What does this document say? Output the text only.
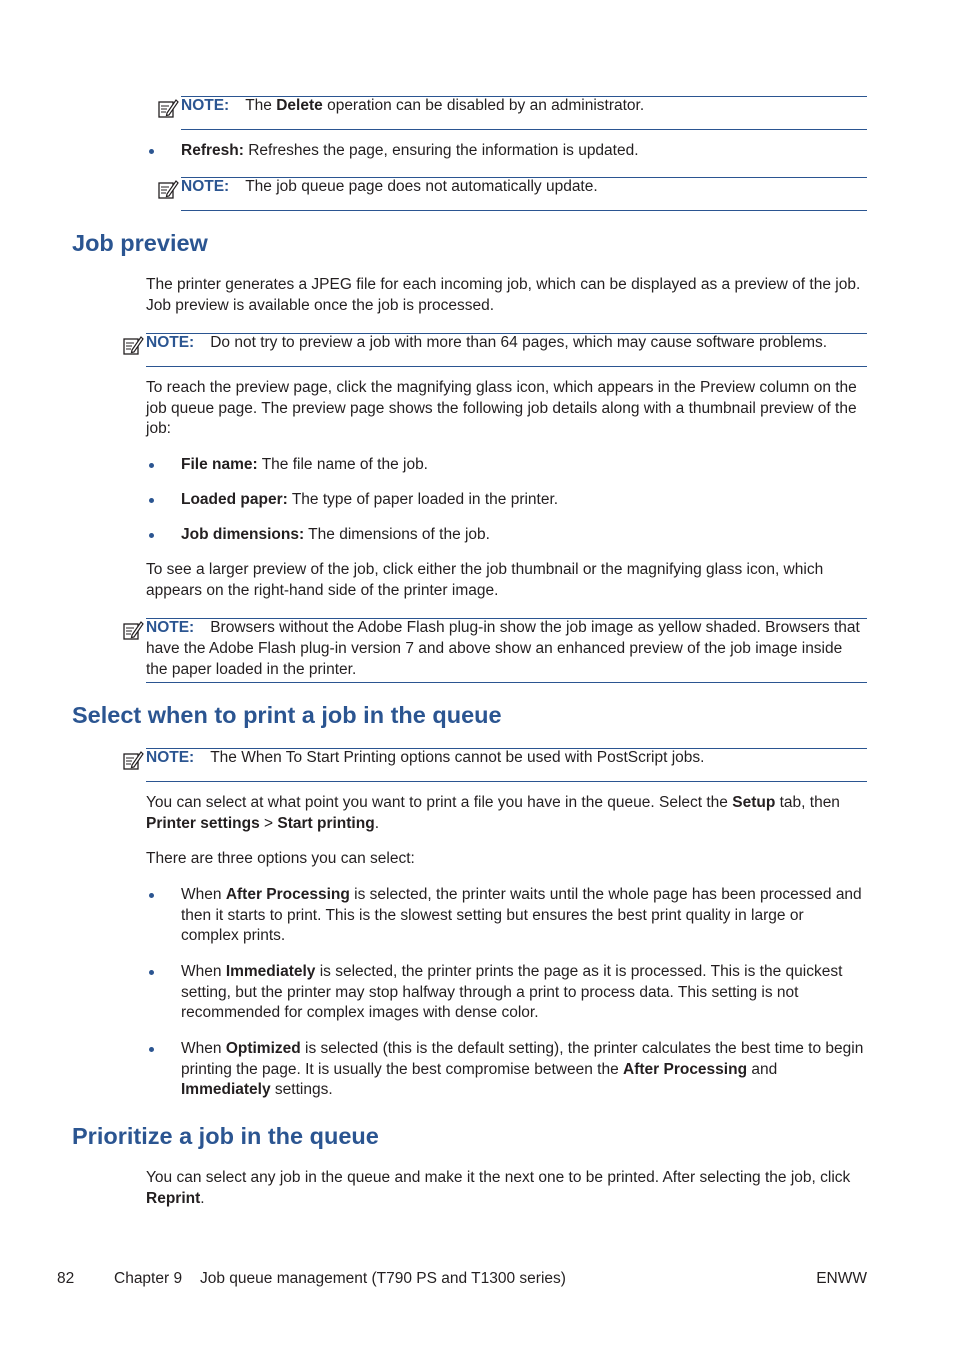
NOTE: The Delete operation can be disabled by an administrator.

Refresh: Refreshes the page, ensuring the information is updated.

NOTE: The job queue page does not automatically update.
Job preview

The printer generates a JPEG file for each incoming job, which can be displayed as a preview of the job. Job preview is available once the job is processed.

NOTE: Do not try to preview a job with more than 64 pages, which may cause software problems.

To reach the preview page, click the magnifying glass icon, which appears in the Preview column on the job queue page. The preview page shows the following job details along with a thumbnail preview of the job:

File name: The file name of the job.

Loaded paper: The type of paper loaded in the printer.

Job dimensions: The dimensions of the job.

To see a larger preview of the job, click either the job thumbnail or the magnifying glass icon, which appears on the right-hand side of the printer image.

NOTE: Browsers without the Adobe Flash plug-in show the job image as yellow shaded. Browsers that have the Adobe Flash plug-in version 7 and above show an enhanced preview of the job image inside the paper loaded in the printer.
Select when to print a job in the queue
NOTE: The When To Start Printing options cannot be used with PostScript jobs.

You can select at what point you want to print a file you have in the queue. Select the Setup tab, then Printer settings > Start printing.

There are three options you can select:

When After Processing is selected, the printer waits until the whole page has been processed and then it starts to print. This is the slowest setting but ensures the best print quality in large or complex prints.

When Immediately is selected, the printer prints the page as it is processed. This is the quickest setting, but the printer may stop halfway through a print to process data. This setting is not recommended for complex images with dense color.

When Optimized is selected (this is the default setting), the printer calculates the best time to begin printing the page. It is usually the best compromise between the After Processing and Immediately settings.

Prioritize a job in the queue

You can select any job in the queue and make it the next one to be printed. After selecting the job, click Reprint.

82	Chapter 9 Job queue management (T790 PS and T1300 series)	ENWW
